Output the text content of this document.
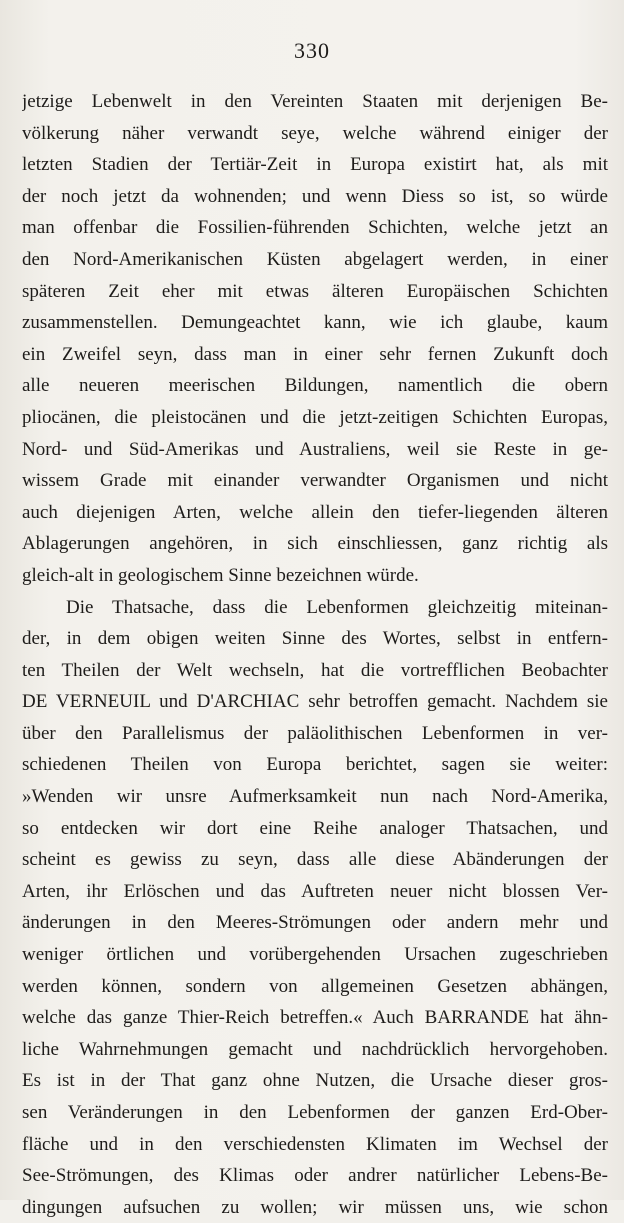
330
jetzige Lebenwelt in den Vereinten Staaten mit derjenigen Be-
völkerung näher verwandt seye, welche während einiger der
letzten Stadien der Tertiär-Zeit in Europa existirt hat, als mit
der noch jetzt da wohnenden; und wenn Diess so ist, so würde
man offenbar die Fossilien-führenden Schichten, welche jetzt an
den Nord-Amerikanischen Küsten abgelagert werden, in einer
späteren Zeit eher mit etwas älteren Europäischen Schichten
zusammenstellen. Demungeachtet kann, wie ich glaube, kaum
ein Zweifel seyn, dass man in einer sehr fernen Zukunft doch
alle neueren meerischen Bildungen, namentlich die obern
pliocänen, die pleistocänen und die jetzt-zeitigen Schichten Europas,
Nord- und Süd-Amerikas und Australiens, weil sie Reste in ge-
wissem Grade mit einander verwandter Organismen und nicht
auch diejenigen Arten, welche allein den tiefer-liegenden älteren
Ablagerungen angehören, in sich einschliessen, ganz richtig als
gleich-alt in geologischem Sinne bezeichnen würde.
Die Thatsache, dass die Lebenformen gleichzeitig miteinan-
der, in dem obigen weiten Sinne des Wortes, selbst in entfern-
ten Theilen der Welt wechseln, hat die vortrefflichen Beobachter
DE VERNEUIL und D'ARCHIAC sehr betroffen gemacht. Nachdem sie
über den Parallelismus der paläolithischen Lebenformen in ver-
schiedenen Theilen von Europa berichtet, sagen sie weiter:
»Wenden wir unsre Aufmerksamkeit nun nach Nord-Amerika,
so entdecken wir dort eine Reihe analoger Thatsachen, und
scheint es gewiss zu seyn, dass alle diese Abänderungen der
Arten, ihr Erlöschen und das Auftreten neuer nicht blossen Ver-
änderungen in den Meeres-Strömungen oder andern mehr und
weniger örtlichen und vorübergehenden Ursachen zugeschrieben
werden können, sondern von allgemeinen Gesetzen abhängen,
welche das ganze Thier-Reich betreffen.« Auch BARRANDE hat ähn-
liche Wahrnehmungen gemacht und nachdrücklich hervorgehoben.
Es ist in der That ganz ohne Nutzen, die Ursache dieser gros-
sen Veränderungen in den Lebenformen der ganzen Erd-Ober-
fläche und in den verschiedensten Klimaten im Wechsel der
See-Strömungen, des Klimas oder andrer natürlicher Lebens-Be-
dingungen aufsuchen zu wollen; wir müssen uns, wie schon
